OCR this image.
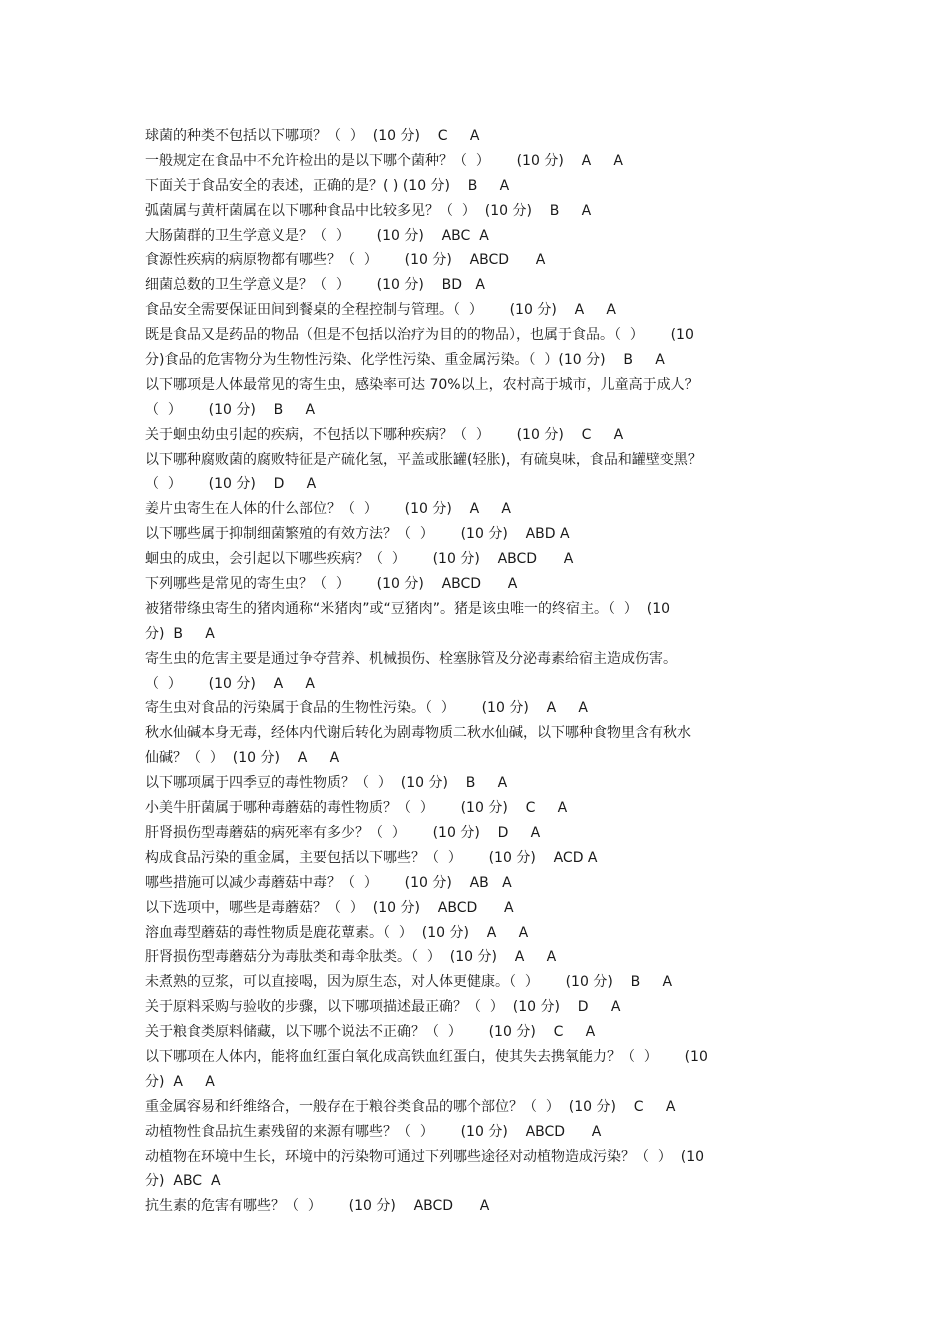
球菌的种类不包括以下哪项？（  ）  (10 分)    C     A
一般规定在食品中不允许检出的是以下哪个菌种？（  ）      (10 分)    A     A
下面关于食品安全的表述，正确的是？( ) (10 分)    B     A
弧菌属与黄杆菌属在以下哪种食品中比较多见？（  ）  (10 分)    B     A
大肠菌群的卫生学意义是？（  ）      (10 分)    ABC  A
食源性疾病的病原物都有哪些？（  ）      (10 分)    ABCD      A
细菌总数的卫生学意义是？（  ）      (10 分)    BD   A
食品安全需要保证田间到餐桌的全程控制与管理。（  ）      (10 分)    A     A
既是食品又是药品的物品（但是不包括以治疗为目的的物品），也属于食品。（  ）      (10
分)食品的危害物分为生物性污染、化学性污染、重金属污染。（  ）(10 分)    B     A
以下哪项是人体最常见的寄生虫，感染率可达 70%以上，农村高于城市，儿童高于成人？
（  ）      (10 分)    B     A
关于蛔虫幼虫引起的疾病，不包括以下哪种疾病？（  ）      (10 分)    C     A
以下哪种腐败菌的腐败特征是产硫化氢，平盖或胀罐(轻胀)，有硫臭味，食品和罐壁变黑？
（  ）      (10 分)    D     A
姜片虫寄生在人体的什么部位？（  ）      (10 分)    A     A
以下哪些属于抑制细菌繁殖的有效方法？（  ）      (10 分)    ABD A
蛔虫的成虫，会引起以下哪些疾病？（  ）      (10 分)    ABCD      A
下列哪些是常见的寄生虫？（  ）      (10 分)    ABCD      A
被猪带绦虫寄生的猪肉通称“米猪肉”或“豆猪肉”。猪是该虫唯一的终宿主。（  ）  (10
分)  B     A
寄生虫的危害主要是通过争夺营养、机械损伤、栓塞脉管及分泌毒素给宿主造成伤害。
（  ）      (10 分)    A     A
寄生虫对食品的污染属于食品的生物性污染。（  ）      (10 分)    A     A
秋水仙碱本身无毒，经体内代谢后转化为剧毒物质二秋水仙碱，以下哪种食物里含有秋水
仙碱？（  ）  (10 分)    A     A
以下哪项属于四季豆的毒性物质？（  ）  (10 分)    B     A
小美牛肝菌属于哪种毒蘑菇的毒性物质？（  ）      (10 分)    C     A
肝肾损伤型毒蘑菇的病死率有多少？（  ）      (10 分)    D     A
构成食品污染的重金属，主要包括以下哪些？（  ）      (10 分)    ACD A
哪些措施可以减少毒蘑菇中毒？（  ）      (10 分)    AB   A
以下选项中，哪些是毒蘑菇？（  ）  (10 分)    ABCD      A
溶血毒型蘑菇的毒性物质是鹿花蕈素。（  ）  (10 分)    A     A
肝肾损伤型毒蘑菇分为毒肽类和毒伞肽类。（  ）  (10 分)    A     A
未煮熟的豆浆，可以直接喝，因为原生态，对人体更健康。（  ）      (10 分)    B     A
关于原料采购与验收的步骤，以下哪项描述最正确？（  ）  (10 分)    D     A
关于粮食类原料储藏，以下哪个说法不正确？（  ）      (10 分)    C     A
以下哪项在人体内，能将血红蛋白氧化成高铁血红蛋白，使其失去携氧能力？（  ）      (10
分)  A     A
重金属容易和纤维络合，一般存在于粮谷类食品的哪个部位？（  ）  (10 分)    C     A
动植物性食品抗生素残留的来源有哪些？（  ）      (10 分)    ABCD      A
动植物在环境中生长，环境中的污染物可通过下列哪些途径对动植物造成污染？（  ）  (10
分)  ABC  A
抗生素的危害有哪些？（  ）      (10 分)    ABCD      A
